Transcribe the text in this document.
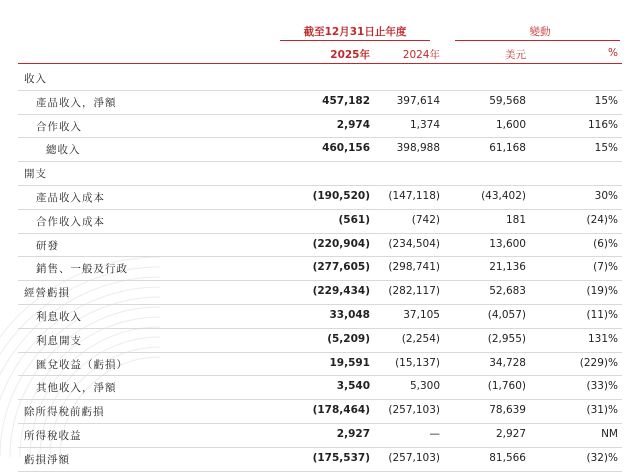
截至12月31日止年度	變動
2025年	2024年	美元	%
收入
產品收入，淨額	457,182	397,614	59,568	15%
合作收入	2,974	1,374	1,600	116%
總收入	460,156	398,988	61,168	15%
開支
產品收入成本	(190,520) (147,118)	(43,402)	30%
合作收入成本	(561)	(742)	181	(24)%
研發	(220,904) (234,504)	13,600	(6)%
銷售、一般及行政	(277,605) (298,741)	21,136	(7)%
經營虧損	(229,434) (282,117)	52,683	(19)%
利息收入	33,048	37,105	(4,057)	(11)%
利息開支	(5,209)	(2,254)	(2,955)	131%
匯兌收益（虧損）	19,591 (15,137)	34,728	(229)%
其他收入，淨額	3,540	5,300	(1,760)	(33)%
除所得稅前虧損	(178,464) (257,103)	78,639	(31)%
所得稅收益	2,927	—	2,927	NM
虧損淨額	(175,537) (257,103)	81,566	(32)%
